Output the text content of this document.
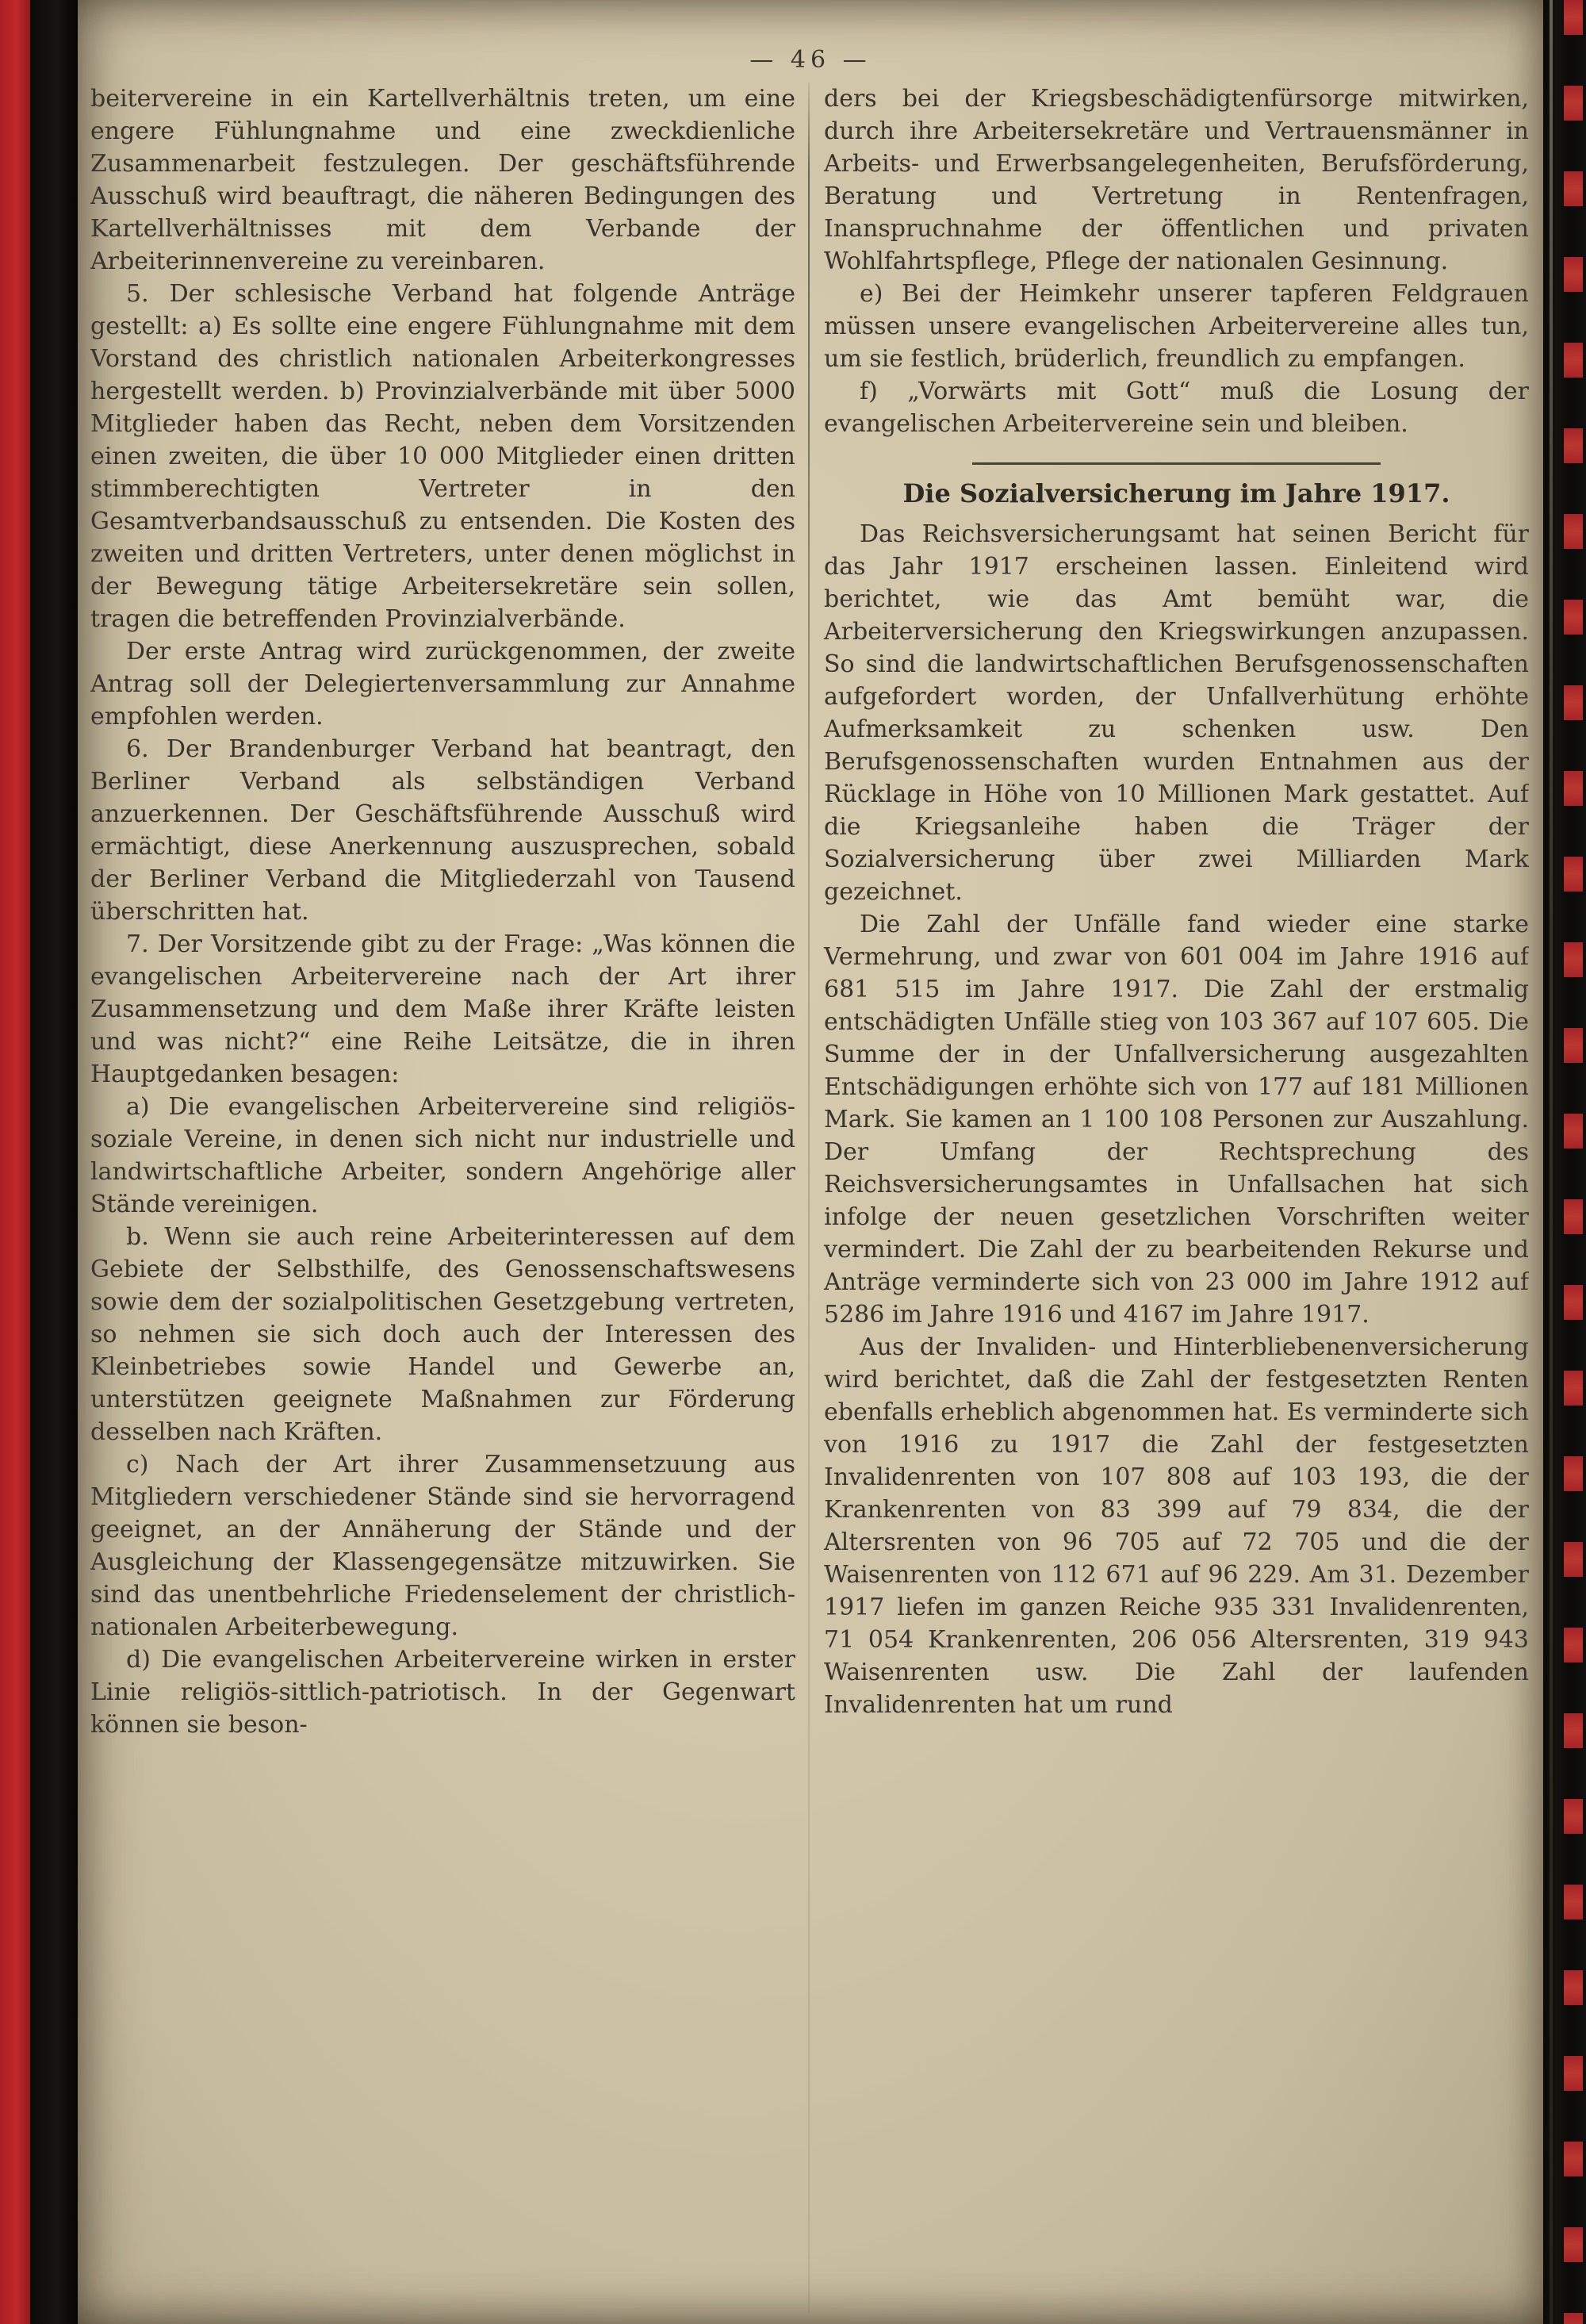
— 46 —

beitervereine in ein Kartellverhältnis treten, um eine engere Fühlungnahme und eine zweckdienliche Zusammenarbeit festzulegen. Der geschäftsführende Ausschuß wird beauftragt, die näheren Bedingungen des Kartellverhältnisses mit dem Verbande der Arbeiterinnenvereine zu vereinbaren.

5. Der schlesische Verband hat folgende Anträge gestellt: a) Es sollte eine engere Fühlungnahme mit dem Vorstand des christlich nationalen Arbeiterkongresses hergestellt werden. b) Provinzialverbände mit über 5000 Mitglieder haben das Recht, neben dem Vorsitzenden einen zweiten, die über 10 000 Mitglieder einen dritten stimmberechtigten Vertreter in den Gesamtverbandsausschuß zu entsenden. Die Kosten des zweiten und dritten Vertreters, unter denen möglichst in der Bewegung tätige Arbeitersekretäre sein sollen, tragen die betreffenden Provinzialverbände.

Der erste Antrag wird zurückgenommen, der zweite Antrag soll der Delegiertenversammlung zur Annahme empfohlen werden.

6. Der Brandenburger Verband hat beantragt, den Berliner Verband als selbständigen Verband anzuerkennen. Der Geschäftsführende Ausschuß wird ermächtigt, diese Anerkennung auszusprechen, sobald der Berliner Verband die Mitgliederzahl von Tausend überschritten hat.

7. Der Vorsitzende gibt zu der Frage: „Was können die evangelischen Arbeitervereine nach der Art ihrer Zusammensetzung und dem Maße ihrer Kräfte leisten und was nicht?“ eine Reihe Leitsätze, die in ihren Hauptgedanken besagen:

a) Die evangelischen Arbeitervereine sind religiös-soziale Vereine, in denen sich nicht nur industrielle und landwirtschaftliche Arbeiter, sondern Angehörige aller Stände vereinigen.

b. Wenn sie auch reine Arbeiterinteressen auf dem Gebiete der Selbsthilfe, des Genossenschaftswesens sowie dem der sozialpolitischen Gesetzgebung vertreten, so nehmen sie sich doch auch der Interessen des Kleinbetriebes sowie Handel und Gewerbe an, unterstützen geeignete Maßnahmen zur Förderung desselben nach Kräften.

c) Nach der Art ihrer Zusammensetzuung aus Mitgliedern verschiedener Stände sind sie hervorragend geeignet, an der Annäherung der Stände und der Ausgleichung der Klassengegensätze mitzuwirken. Sie sind das unentbehrliche Friedenselement der christlich-nationalen Arbeiterbewegung.

d) Die evangelischen Arbeitervereine wirken in erster Linie religiös-sittlich-patriotisch. In der Gegenwart können sie beson-

ders bei der Kriegsbeschädigtenfürsorge mitwirken, durch ihre Arbeitersekretäre und Vertrauensmänner in Arbeits- und Erwerbsangelegenheiten, Berufsförderung, Beratung und Vertretung in Rentenfragen, Inanspruchnahme der öffentlichen und privaten Wohlfahrtspflege, Pflege der nationalen Gesinnung.

e) Bei der Heimkehr unserer tapferen Feldgrauen müssen unsere evangelischen Arbeitervereine alles tun, um sie festlich, brüderlich, freundlich zu empfangen.

f) „Vorwärts mit Gott“ muß die Losung der evangelischen Arbeitervereine sein und bleiben.

Die Sozialversicherung im Jahre 1917.

Das Reichsversicherungsamt hat seinen Bericht für das Jahr 1917 erscheinen lassen. Einleitend wird berichtet, wie das Amt bemüht war, die Arbeiterversicherung den Kriegswirkungen anzupassen. So sind die landwirtschaftlichen Berufsgenossenschaften aufgefordert worden, der Unfallverhütung erhöhte Aufmerksamkeit zu schenken usw. Den Berufsgenossenschaften wurden Entnahmen aus der Rücklage in Höhe von 10 Millionen Mark gestattet. Auf die Kriegsanleihe haben die Träger der Sozialversicherung über zwei Milliarden Mark gezeichnet.

Die Zahl der Unfälle fand wieder eine starke Vermehrung, und zwar von 601 004 im Jahre 1916 auf 681 515 im Jahre 1917. Die Zahl der erstmalig entschädigten Unfälle stieg von 103 367 auf 107 605. Die Summe der in der Unfallversicherung ausgezahlten Entschädigungen erhöhte sich von 177 auf 181 Millionen Mark. Sie kamen an 1 100 108 Personen zur Auszahlung. Der Umfang der Rechtsprechung des Reichsversicherungsamtes in Unfallsachen hat sich infolge der neuen gesetzlichen Vorschriften weiter vermindert. Die Zahl der zu bearbeitenden Rekurse und Anträge verminderte sich von 23 000 im Jahre 1912 auf 5286 im Jahre 1916 und 4167 im Jahre 1917.

Aus der Invaliden- und Hinterbliebenenversicherung wird berichtet, daß die Zahl der festgesetzten Renten ebenfalls erheblich abgenommen hat. Es verminderte sich von 1916 zu 1917 die Zahl der festgesetzten Invalidenrenten von 107 808 auf 103 193, die der Krankenrenten von 83 399 auf 79 834, die der Altersrenten von 96 705 auf 72 705 und die der Waisenrenten von 112 671 auf 96 229. Am 31. Dezember 1917 liefen im ganzen Reiche 935 331 Invalidenrenten, 71 054 Krankenrenten, 206 056 Altersrenten, 319 943 Waisenrenten usw. Die Zahl der laufenden Invalidenrenten hat um rund
